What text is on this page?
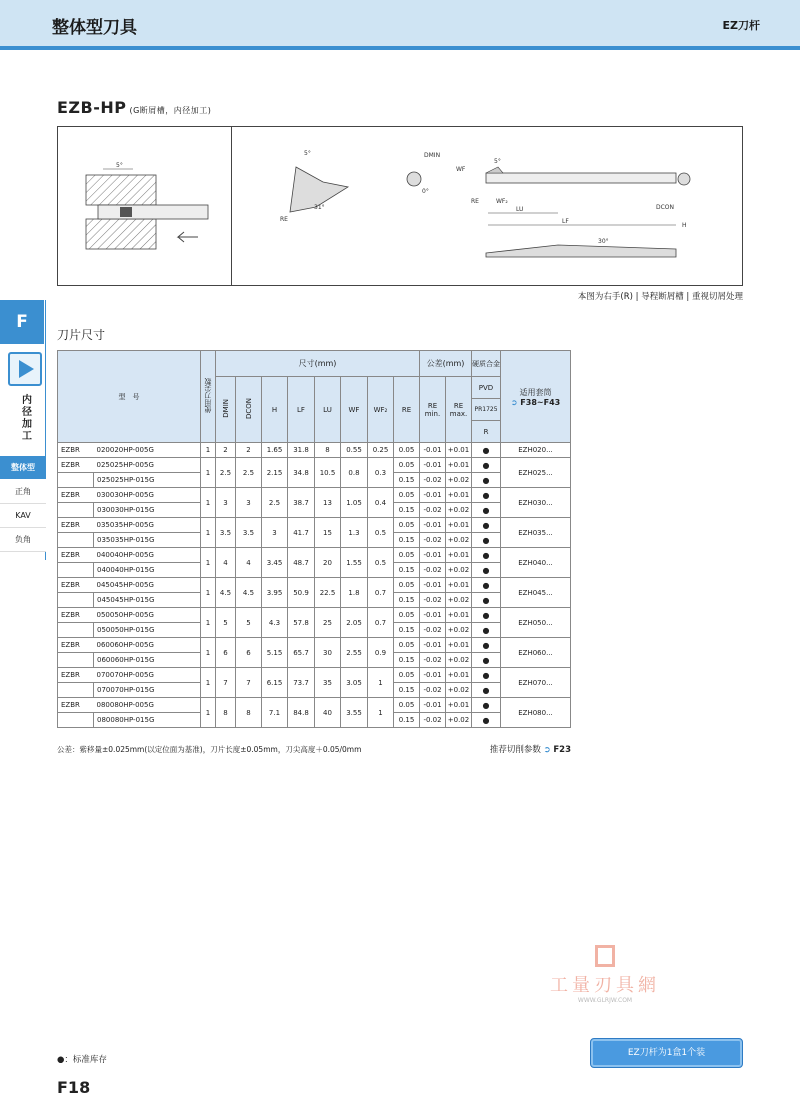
整体型刀具	EZ刀杆
EZB-HP (G断屑槽，内径加工)
5°
5°
31°
RE
DMIN
0°
WF
5°
RE	WF₂
LU
LF
DCON
H
30°
本图为右手(R) | 导程断屑槽 | 重视切屑处理
F
内径加工
整体型
正角
KAV
负角
刀片尺寸
型　号		使用刀尖数	尺寸(mm)								公差(mm)		硬质合金	适用套筒
➲ F38~F43

			DMIN	DCON	H	LF	LU	WF	WF₂	RE	RE min.	RE max.	PVD	
													PR1725	
													R	
EZBR	020020HP-005G	1	2	2	1.65	31.8	8	0.55	0.25	0.05	-0.01	+0.01	●	EZH020...
EZBR	025025HP-005G	1	2.5	2.5	2.15	34.8	10.5	0.8	0.3	0.05	-0.01	+0.01	●	EZH025...
	025025HP-015G									0.15	-0.02	+0.02	●	
EZBR	030030HP-005G	1	3	3	2.5	38.7	13	1.05	0.4	0.05	-0.01	+0.01	●	EZH030...
	030030HP-015G									0.15	-0.02	+0.02	●	
EZBR	035035HP-005G	1	3.5	3.5	3	41.7	15	1.3	0.5	0.05	-0.01	+0.01	●	EZH035...
	035035HP-015G									0.15	-0.02	+0.02	●	
EZBR	040040HP-005G	1	4	4	3.45	48.7	20	1.55	0.5	0.05	-0.01	+0.01	●	EZH040...
	040040HP-015G									0.15	-0.02	+0.02	●	
EZBR	045045HP-005G	1	4.5	4.5	3.95	50.9	22.5	1.8	0.7	0.05	-0.01	+0.01	●	EZH045...
	045045HP-015G									0.15	-0.02	+0.02	●	
EZBR	050050HP-005G	1	5	5	4.3	57.8	25	2.05	0.7	0.05	-0.01	+0.01	●	EZH050...
	050050HP-015G									0.15	-0.02	+0.02	●	
EZBR	060060HP-005G	1	6	6	5.15	65.7	30	2.55	0.9	0.05	-0.01	+0.01	●	EZH060...
	060060HP-015G									0.15	-0.02	+0.02	●	
EZBR	070070HP-005G	1	7	7	6.15	73.7	35	3.05	1	0.05	-0.01	+0.01	●	EZH070...
	070070HP-015G									0.15	-0.02	+0.02	●	
EZBR	080080HP-005G	1	8	8	7.1	84.8	40	3.55	1	0.05	-0.01	+0.01	●	EZH080...
	080080HP-015G									0.15	-0.02	+0.02	●	
公差：紫移量±0.025mm(以定位面为基准)，刀片长度±0.05mm，刀尖高度＋0.05/0mm	推荐切削参数 ➲ F23
工量刃具網
WWW.GLRJW.COM
●：标准库存
EZ刀杆为1盒1个装
F18
